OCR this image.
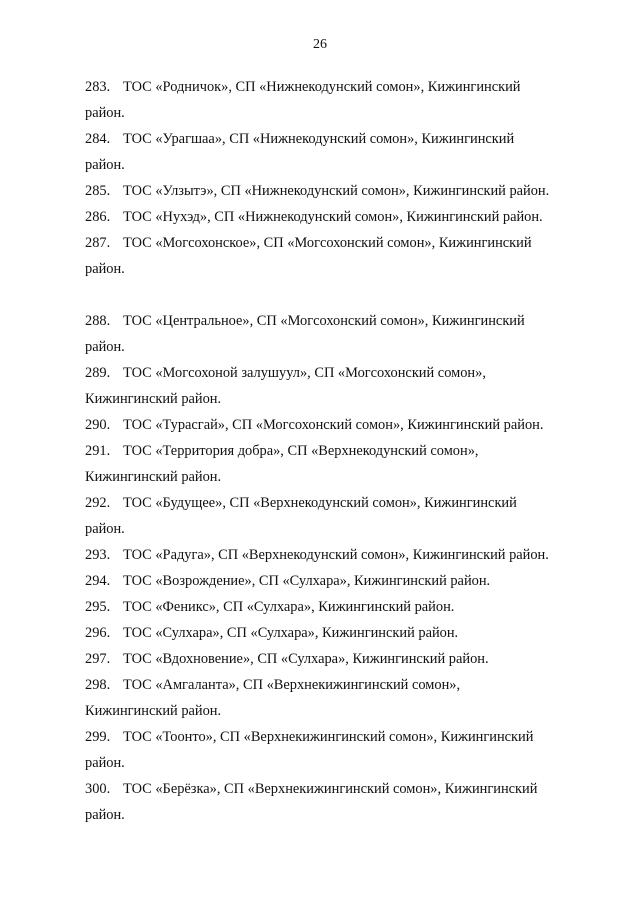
26

283. ТОС «Родничок», СП «Нижнекодунский сомон», Кижингинский
район.

284. ТОС «Урагшаа», СП «Нижнекодунский сомон», Кижингинский
район.

285. ТОС «Улзытэ», СП «Нижнекодунский сомон», Кижингинский район.

286. ТОС «Нухэд», СП «Нижнекодунский сомон», Кижингинский район.

287. ТОС «Могсохонское», СП «Могсохонский сомон», Кижингинский
район.

288. ТОС «Центральное», СП «Могсохонский сомон», Кижингинский
район.

289. ТОС «Могсохоной залушуул», СП «Могсохонский сомон»,
Кижингинский район.

290. ТОС «Турасгай», СП «Могсохонский сомон», Кижингинский район.

291. ТОС «Территория добра», СП «Верхнекодунский сомон»,
Кижингинский район.

292. ТОС «Будущее», СП «Верхнекодунский сомон», Кижингинский
район.

293. ТОС «Радуга», СП «Верхнекодунский сомон», Кижингинский район.

294. ТОС «Возрождение», СП «Сулхара», Кижингинский район.

295. ТОС «Феникс», СП «Сулхара», Кижингинский район.

296. ТОС «Сулхара», СП «Сулхара», Кижингинский район.

297. ТОС «Вдохновение», СП «Сулхара», Кижингинский район.

298. ТОС «Амгаланта», СП «Верхнекижингинский сомон»,
Кижингинский район.

299. ТОС «Тоонто», СП «Верхнекижингинский сомон», Кижингинский
район.

300. ТОС «Берёзка», СП «Верхнекижингинский сомон», Кижингинский
район.
